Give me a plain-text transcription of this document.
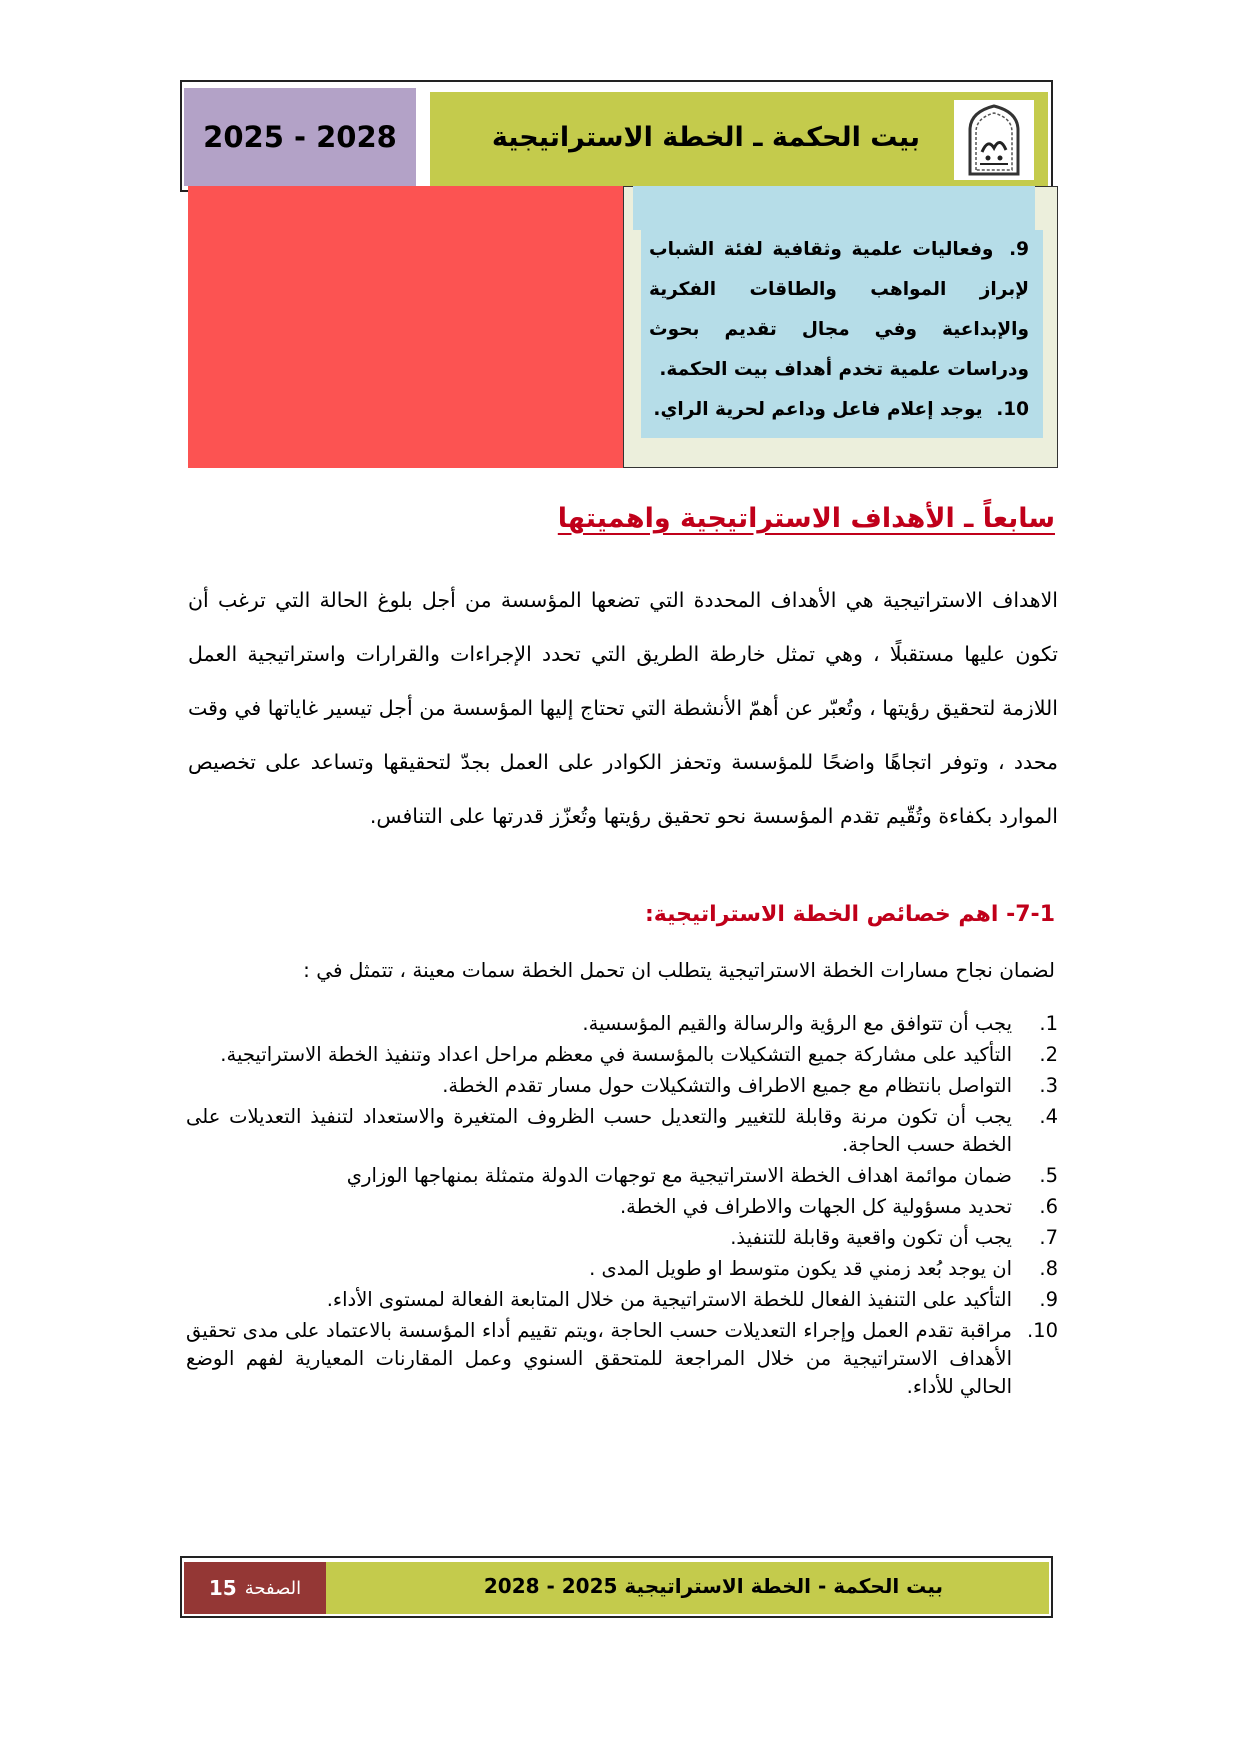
2025 - 2028	بيت الحكمة ـ الخطة الاستراتيجية
9. وفعاليات علمية وثقافية لفئة الشباب لإبراز المواهب والطاقات الفكرية والإبداعية وفي مجال تقديم بحوث ودراسات علمية تخدم أهداف بيت الحكمة.
10. يوجد إعلام فاعل وداعم لحرية الراي.
سابعاً ـ الأهداف الاستراتيجية واهميتها
الاهداف الاستراتيجية هي الأهداف المحددة التي تضعها المؤسسة من أجل بلوغ الحالة التي ترغب أن تكون عليها مستقبلًا ، وهي تمثل خارطة الطريق التي تحدد الإجراءات والقرارات واستراتيجية العمل اللازمة لتحقيق رؤيتها ، وتُعبّر عن أهمّ الأنشطة التي تحتاج إليها المؤسسة من أجل تيسير غاياتها في وقت محدد ، وتوفر اتجاهًا واضحًا للمؤسسة وتحفز الكوادر على العمل بجدّ لتحقيقها وتساعد على تخصيص الموارد بكفاءة وتُقّيم تقدم المؤسسة نحو تحقيق رؤيتها وتُعزّز قدرتها على التنافس.
7-1- اهم خصائص الخطة الاستراتيجية:
لضمان نجاح مسارات الخطة الاستراتيجية يتطلب ان تحمل الخطة سمات معينة ، تتمثل في :
1.
يجب أن تتوافق مع الرؤية والرسالة والقيم المؤسسية.
2.
التأكيد على مشاركة جميع التشكيلات بالمؤسسة في معظم مراحل اعداد وتنفيذ الخطة الاستراتيجية.
3.
التواصل بانتظام مع جميع الاطراف والتشكيلات حول مسار تقدم الخطة.
4.
يجب أن تكون مرنة وقابلة للتغيير والتعديل حسب الظروف المتغيرة والاستعداد لتنفيذ التعديلات على الخطة حسب الحاجة.
5.
ضمان موائمة اهداف الخطة الاستراتيجية مع توجهات الدولة متمثلة بمنهاجها الوزاري
6.
تحديد مسؤولية كل الجهات والاطراف في الخطة.
7.
يجب أن تكون واقعية وقابلة للتنفيذ.
8.
ان يوجد بُعد زمني قد يكون متوسط او طويل المدى .
9.
التأكيد على التنفيذ الفعال للخطة الاستراتيجية من خلال المتابعة الفعالة لمستوى الأداء.
10.
مراقبة تقدم العمل وإجراء التعديلات حسب الحاجة ،ويتم تقييم أداء المؤسسة بالاعتماد على مدى تحقيق الأهداف الاستراتيجية من خلال المراجعة للمتحقق السنوي وعمل المقارنات المعيارية لفهم الوضع الحالي للأداء.
الصفحة
15	بيت الحكمة - الخطة الاستراتيجية 2025 - 2028
